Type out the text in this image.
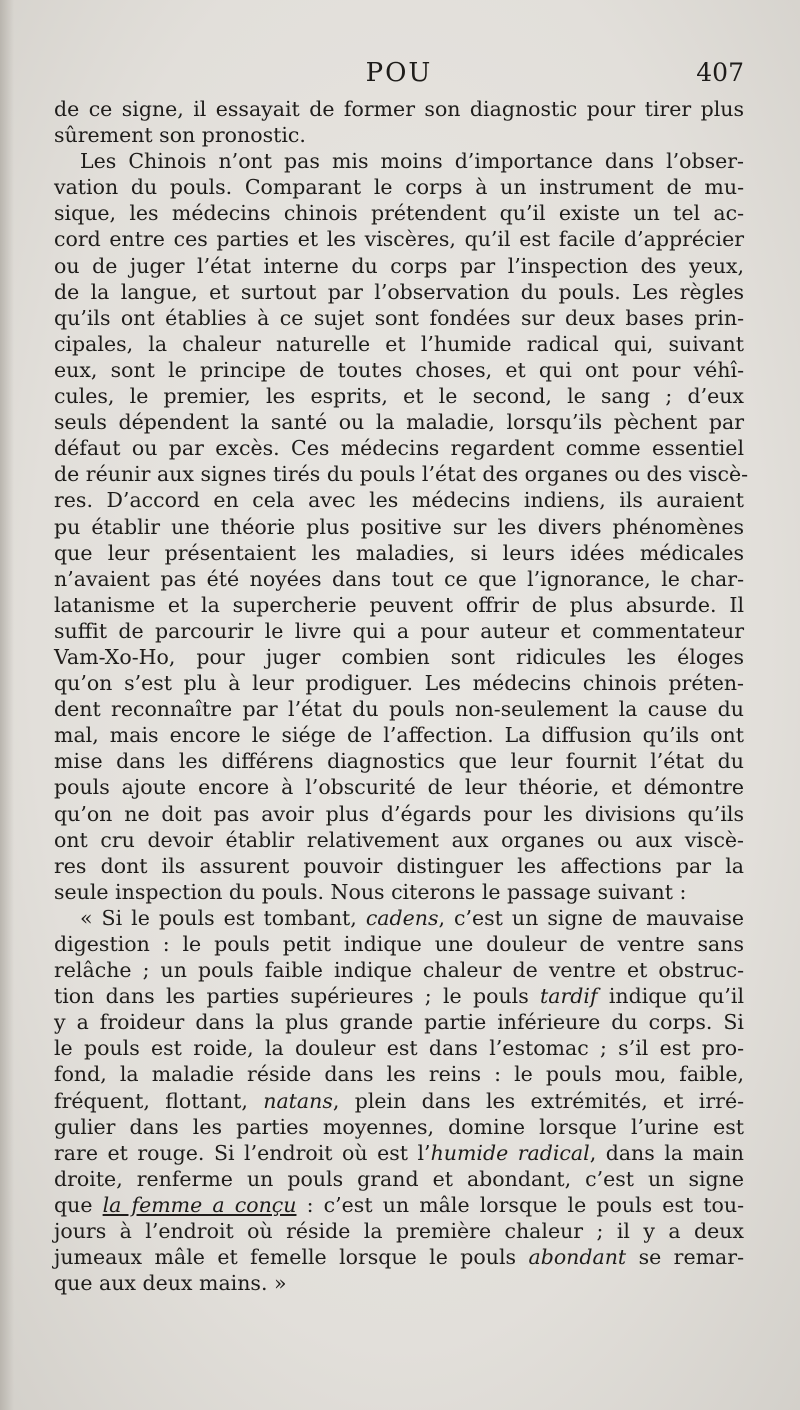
POU	407
de ce signe, il essayait de former son diagnostic pour tirer plus
sûrement son pronostic.
Les Chinois n’ont pas mis moins d’importance dans l’obser-
vation du pouls. Comparant le corps à un instrument de mu-
sique, les médecins chinois prétendent qu’il existe un tel ac-
cord entre ces parties et les viscères, qu’il est facile d’apprécier
ou de juger l’état interne du corps par l’inspection des yeux,
de la langue, et surtout par l’observation du pouls. Les règles
qu’ils ont établies à ce sujet sont fondées sur deux bases prin-
cipales, la chaleur naturelle et l’humide radical qui, suivant
eux, sont le principe de toutes choses, et qui ont pour véhî-
cules, le premier, les esprits, et le second, le sang ; d’eux
seuls dépendent la santé ou la maladie, lorsqu’ils pèchent par
défaut ou par excès. Ces médecins regardent comme essentiel
de réunir aux signes tirés du pouls l’état des organes ou des viscè-
res. D’accord en cela avec les médecins indiens, ils auraient
pu établir une théorie plus positive sur les divers phénomènes
que leur présentaient les maladies, si leurs idées médicales
n’avaient pas été noyées dans tout ce que l’ignorance, le char-
latanisme et la supercherie peuvent offrir de plus absurde. Il
suffit de parcourir le livre qui a pour auteur et commentateur
Vam-Xo-Ho, pour juger combien sont ridicules les éloges
qu’on s’est plu à leur prodiguer. Les médecins chinois préten-
dent reconnaître par l’état du pouls non-seulement la cause du
mal, mais encore le siége de l’affection. La diffusion qu’ils ont
mise dans les différens diagnostics que leur fournit l’état du
pouls ajoute encore à l’obscurité de leur théorie, et démontre
qu’on ne doit pas avoir plus d’égards pour les divisions qu’ils
ont cru devoir établir relativement aux organes ou aux viscè-
res dont ils assurent pouvoir distinguer les affections par la
seule inspection du pouls. Nous citerons le passage suivant :
« Si le pouls est tombant, cadens, c’est un signe de mauvaise
digestion : le pouls petit indique une douleur de ventre sans
relâche ; un pouls faible indique chaleur de ventre et obstruc-
tion dans les parties supérieures ; le pouls tardif indique qu’il
y a froideur dans la plus grande partie inférieure du corps. Si
le pouls est roide, la douleur est dans l’estomac ; s’il est pro-
fond, la maladie réside dans les reins : le pouls mou, faible,
fréquent, flottant, natans, plein dans les extrémités, et irré-
gulier dans les parties moyennes, domine lorsque l’urine est
rare et rouge. Si l’endroit où est l’humide radical, dans la main
droite, renferme un pouls grand et abondant, c’est un signe
que la femme a conçu : c’est un mâle lorsque le pouls est tou-
jours à l’endroit où réside la première chaleur ; il y a deux
jumeaux mâle et femelle lorsque le pouls abondant se remar-
que aux deux mains. »
